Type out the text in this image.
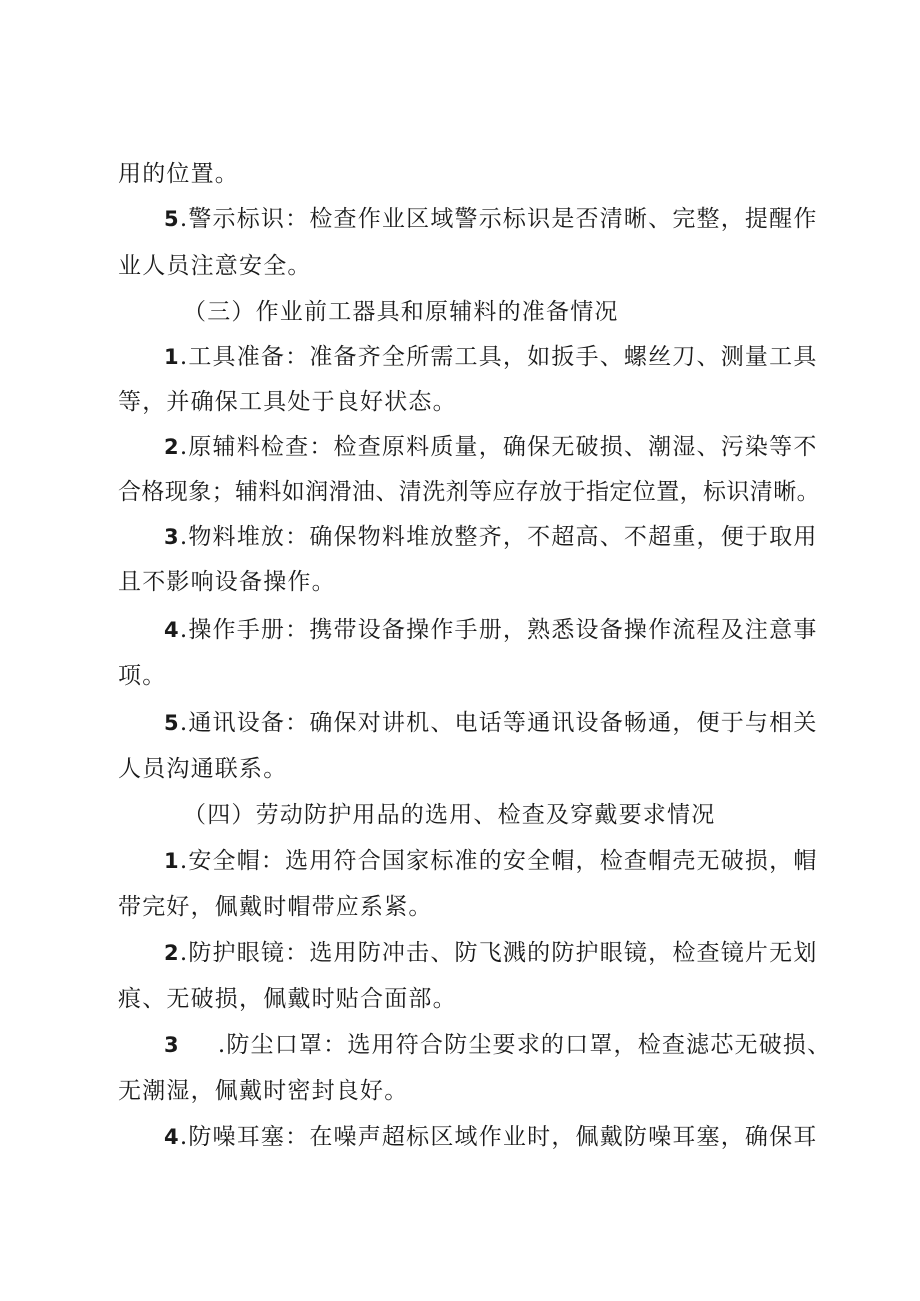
用的位置。
5.警示标识：检查作业区域警示标识是否清晰、完整，提醒作
业人员注意安全。
（三）作业前工器具和原辅料的准备情况
1.工具准备：准备齐全所需工具，如扳手、螺丝刀、测量工具
等，并确保工具处于良好状态。
2.原辅料检查：检查原料质量，确保无破损、潮湿、污染等不
合格现象；辅料如润滑油、清洗剂等应存放于指定位置，标识清晰。
3.物料堆放：确保物料堆放整齐，不超高、不超重，便于取用
且不影响设备操作。
4.操作手册：携带设备操作手册，熟悉设备操作流程及注意事
项。
5.通讯设备：确保对讲机、电话等通讯设备畅通，便于与相关
人员沟通联系。
（四）劳动防护用品的选用、检查及穿戴要求情况
1.安全帽：选用符合国家标准的安全帽，检查帽壳无破损，帽
带完好，佩戴时帽带应系紧。
2.防护眼镜：选用防冲击、防飞溅的防护眼镜，检查镜片无划
痕、无破损，佩戴时贴合面部。
3 .防尘口罩：选用符合防尘要求的口罩，检查滤芯无破损、
无潮湿，佩戴时密封良好。
4.防噪耳塞：在噪声超标区域作业时，佩戴防噪耳塞，确保耳
